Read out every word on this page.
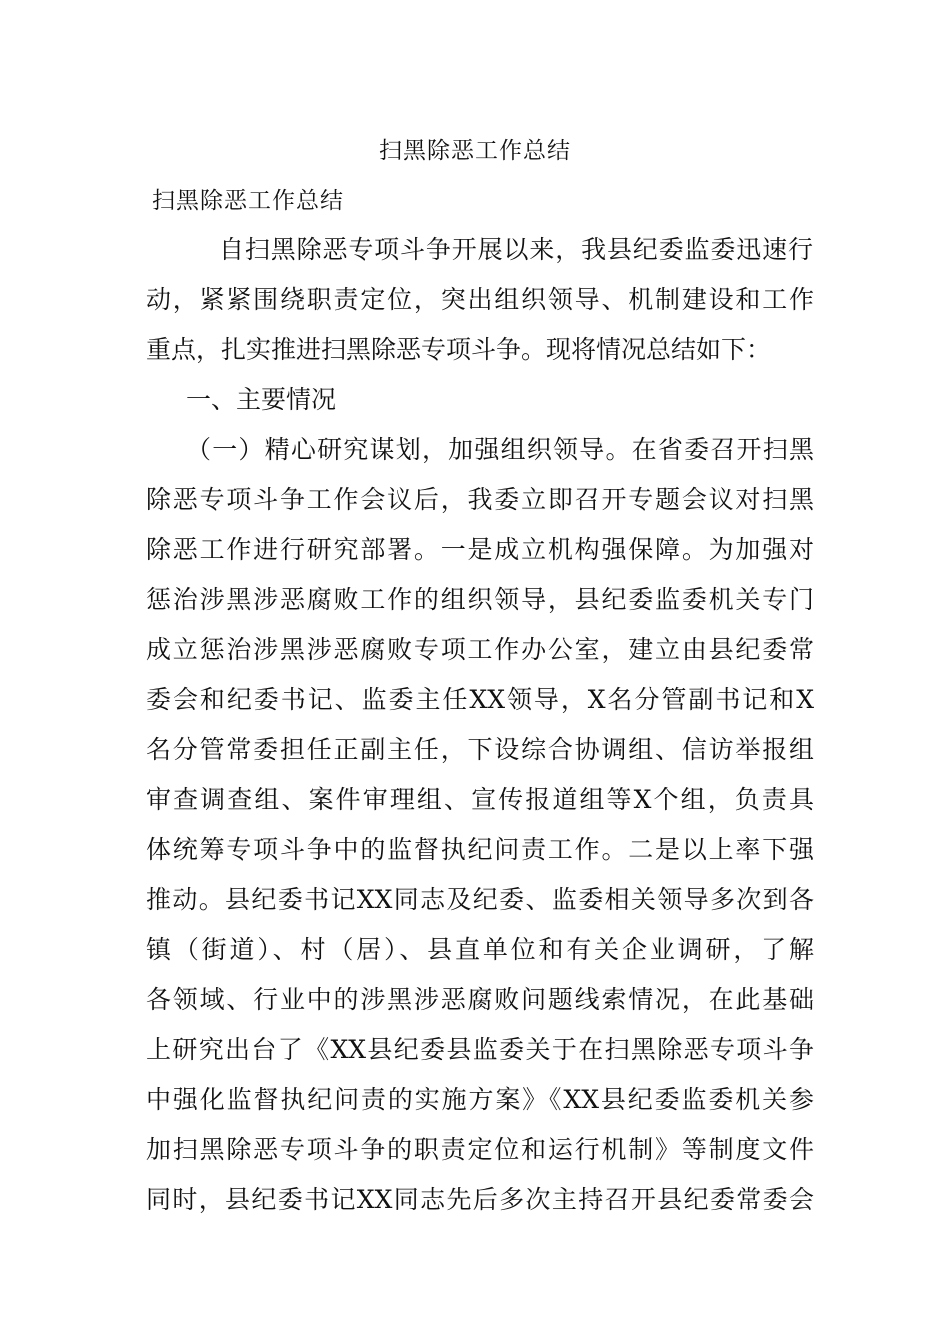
扫黑除恶工作总结
扫黑除恶工作总结
自扫黑除恶专项斗争开展以来，我县纪委监委迅速行
动，紧紧围绕职责定位，突出组织领导、机制建设和工作
重点，扎实推进扫黑除恶专项斗争。现将情况总结如下：
一、主要情况
（一）精心研究谋划，加强组织领导。在省委召开扫黑
除恶专项斗争工作会议后，我委立即召开专题会议对扫黑
除恶工作进行研究部署。一是成立机构强保障。为加强对
惩治涉黑涉恶腐败工作的组织领导，县纪委监委机关专门
成立惩治涉黑涉恶腐败专项工作办公室，建立由县纪委常
委会和纪委书记、监委主任XX领导，X名分管副书记和X
名分管常委担任正副主任，下设综合协调组、信访举报组
审查调查组、案件审理组、宣传报道组等X个组，负责具
体统筹专项斗争中的监督执纪问责工作。二是以上率下强
推动。县纪委书记XX同志及纪委、监委相关领导多次到各
镇（街道）、村（居）、县直单位和有关企业调研，了解
各领域、行业中的涉黑涉恶腐败问题线索情况，在此基础
上研究出台了《XX县纪委县监委关于在扫黑除恶专项斗争
中强化监督执纪问责的实施方案》《XX县纪委监委机关参
加扫黑除恶专项斗争的职责定位和运行机制》等制度文件
同时，县纪委书记XX同志先后多次主持召开县纪委常委会
